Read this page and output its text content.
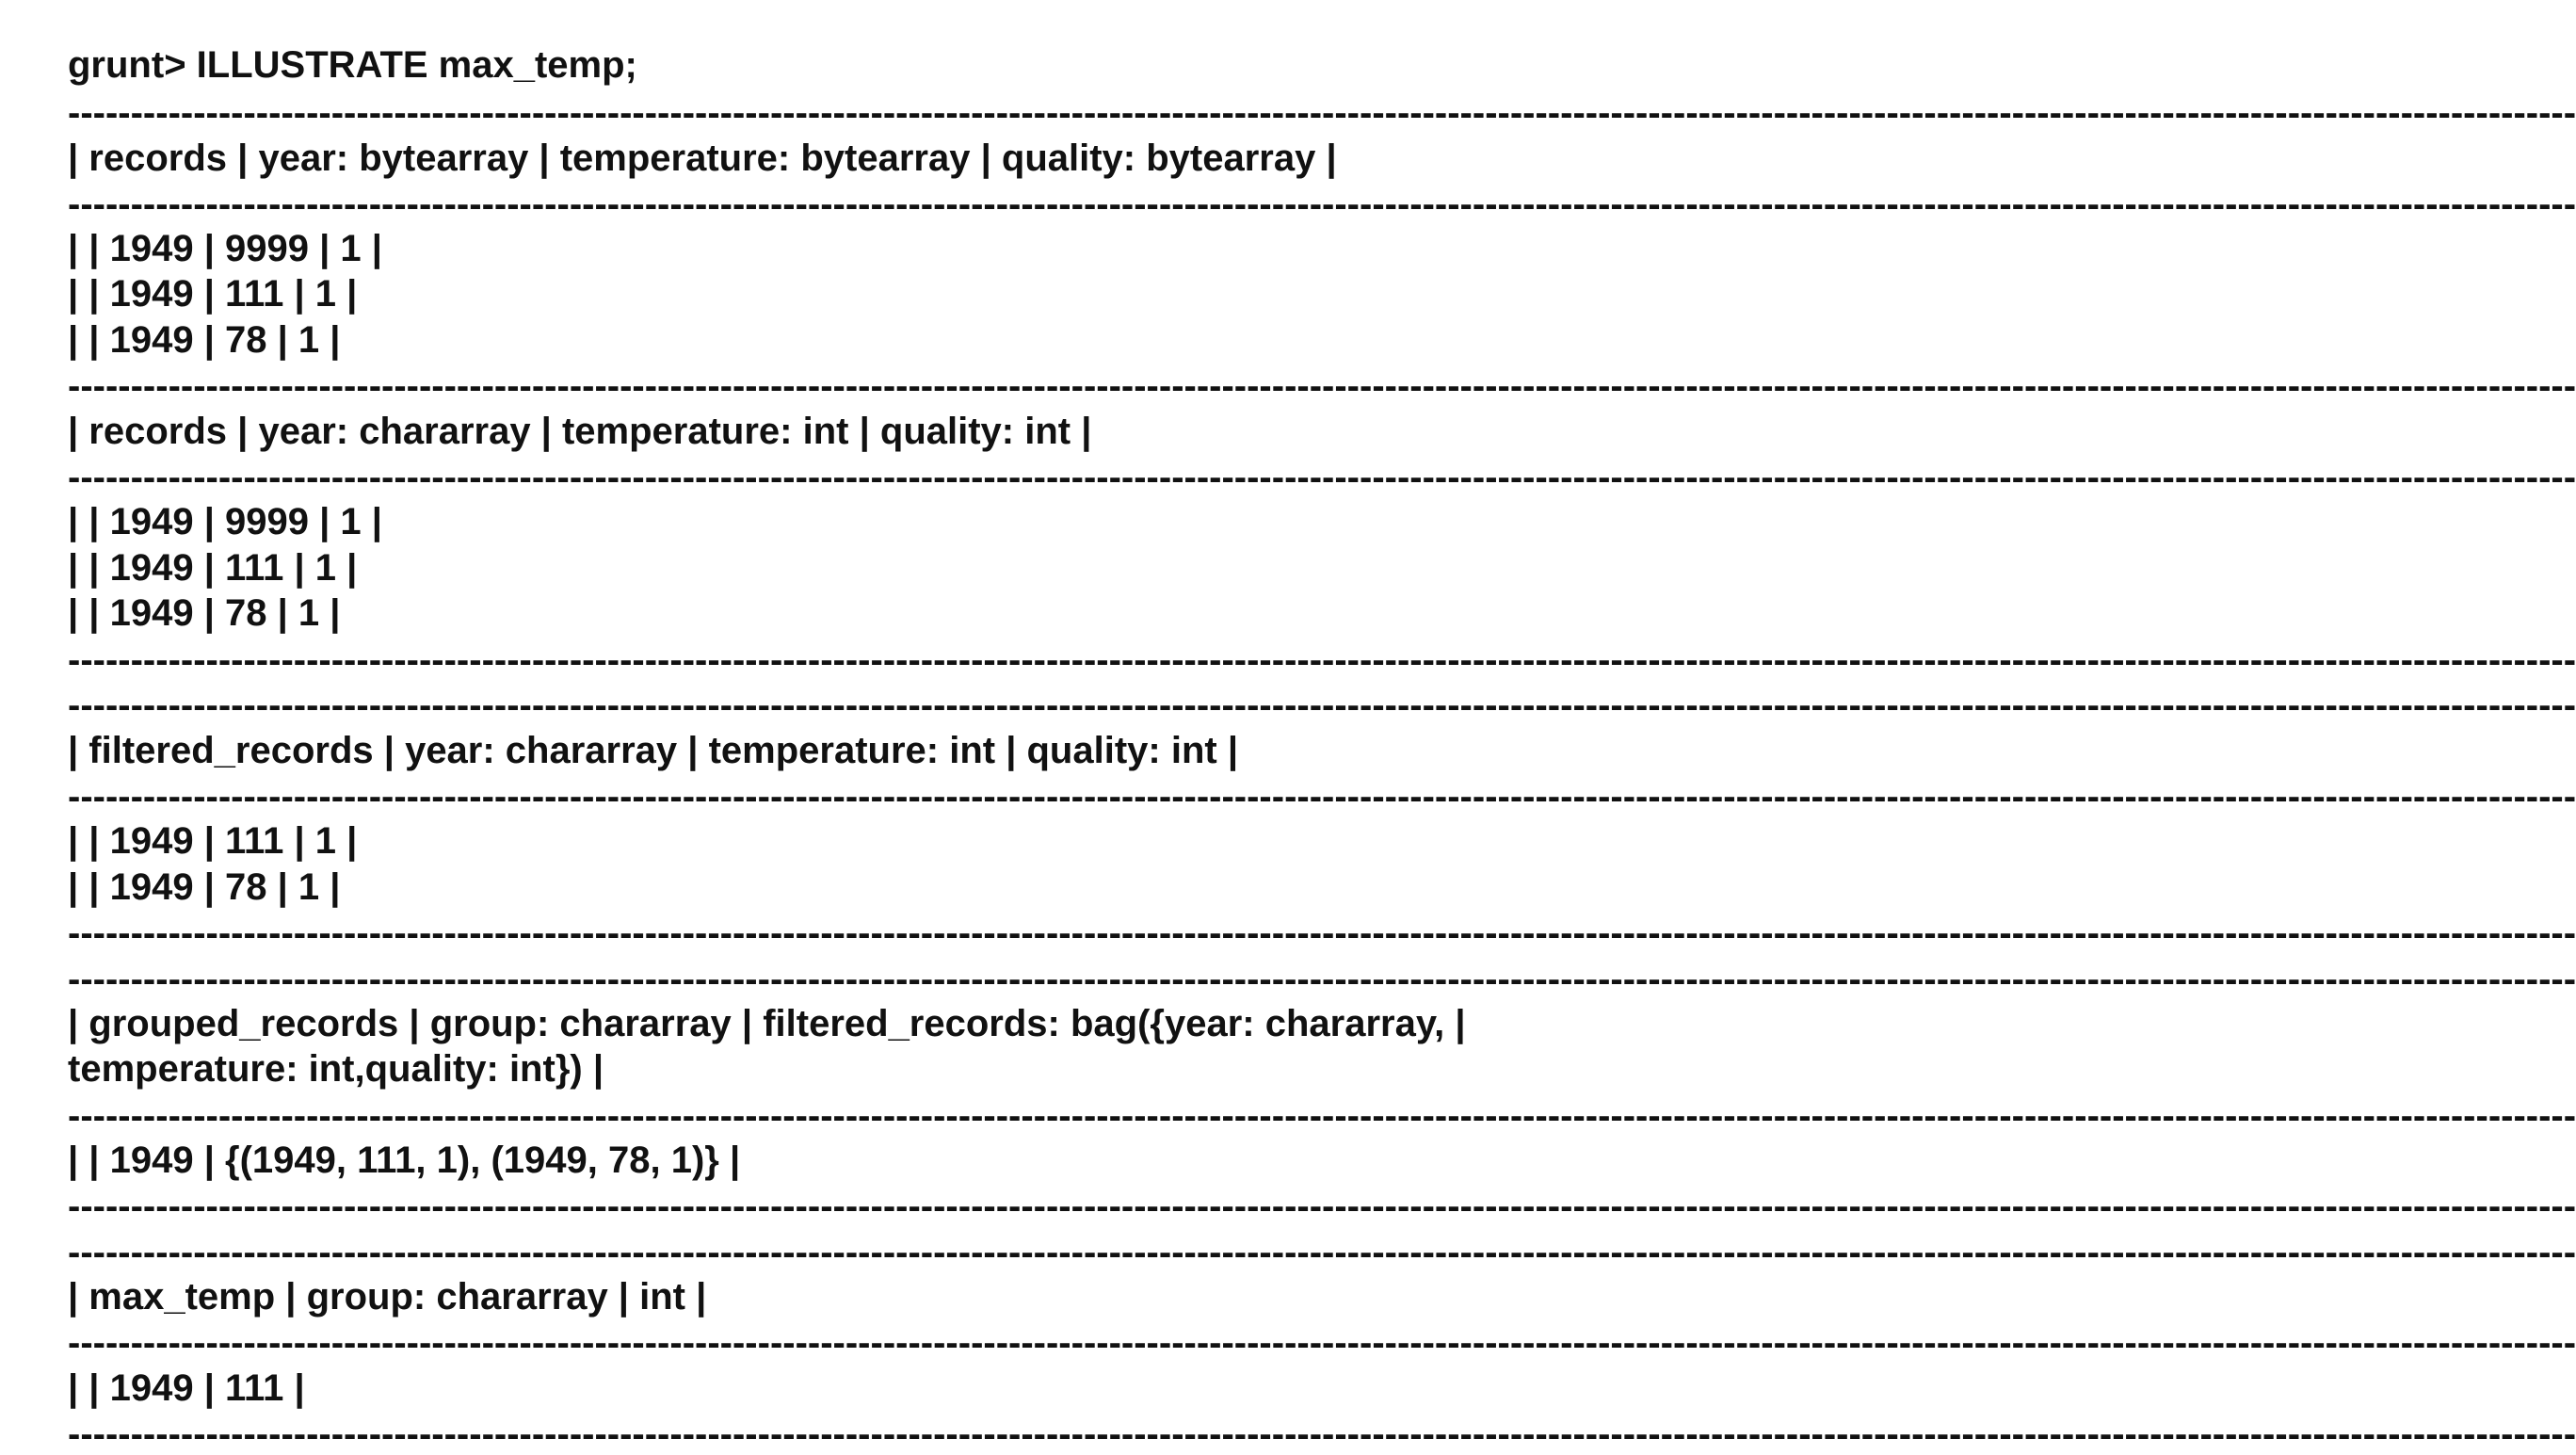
grunt> ILLUSTRATE max_temp;
--------------------------------------------------------------------------------------------------------------------------------------------------------------------------------------------------------
| records | year: bytearray | temperature: bytearray | quality: bytearray |
--------------------------------------------------------------------------------------------------------------------------------------------------------------------------------------------------------
| | 1949 | 9999 | 1 |
| | 1949 | 111 | 1 |
| | 1949 | 78 | 1 |
--------------------------------------------------------------------------------------------------------------------------------------------------------------------------------------------------------
| records | year: chararray | temperature: int | quality: int |
--------------------------------------------------------------------------------------------------------------------------------------------------------------------------------------------------------
| | 1949 | 9999 | 1 |
| | 1949 | 111 | 1 |
| | 1949 | 78 | 1 |
--------------------------------------------------------------------------------------------------------------------------------------------------------------------------------------------------------
--------------------------------------------------------------------------------------------------------------------------------------------------------------------------------------------------------
| filtered_records | year: chararray | temperature: int | quality: int |
--------------------------------------------------------------------------------------------------------------------------------------------------------------------------------------------------------
| | 1949 | 111 | 1 |
| | 1949 | 78 | 1 |
--------------------------------------------------------------------------------------------------------------------------------------------------------------------------------------------------------
--------------------------------------------------------------------------------------------------------------------------------------------------------------------------------------------------------
| grouped_records | group: chararray | filtered_records: bag({year: chararray, |
temperature: int,quality: int}) |
--------------------------------------------------------------------------------------------------------------------------------------------------------------------------------------------------------
| | 1949 | {(1949, 111, 1), (1949, 78, 1)} |
--------------------------------------------------------------------------------------------------------------------------------------------------------------------------------------------------------
--------------------------------------------------------------------------------------------------------------------------------------------------------------------------------------------------------
| max_temp | group: chararray | int |
--------------------------------------------------------------------------------------------------------------------------------------------------------------------------------------------------------
| | 1949 | 111 |
--------------------------------------------------------------------------------------------------------------------------------------------------------------------------------------------------------
